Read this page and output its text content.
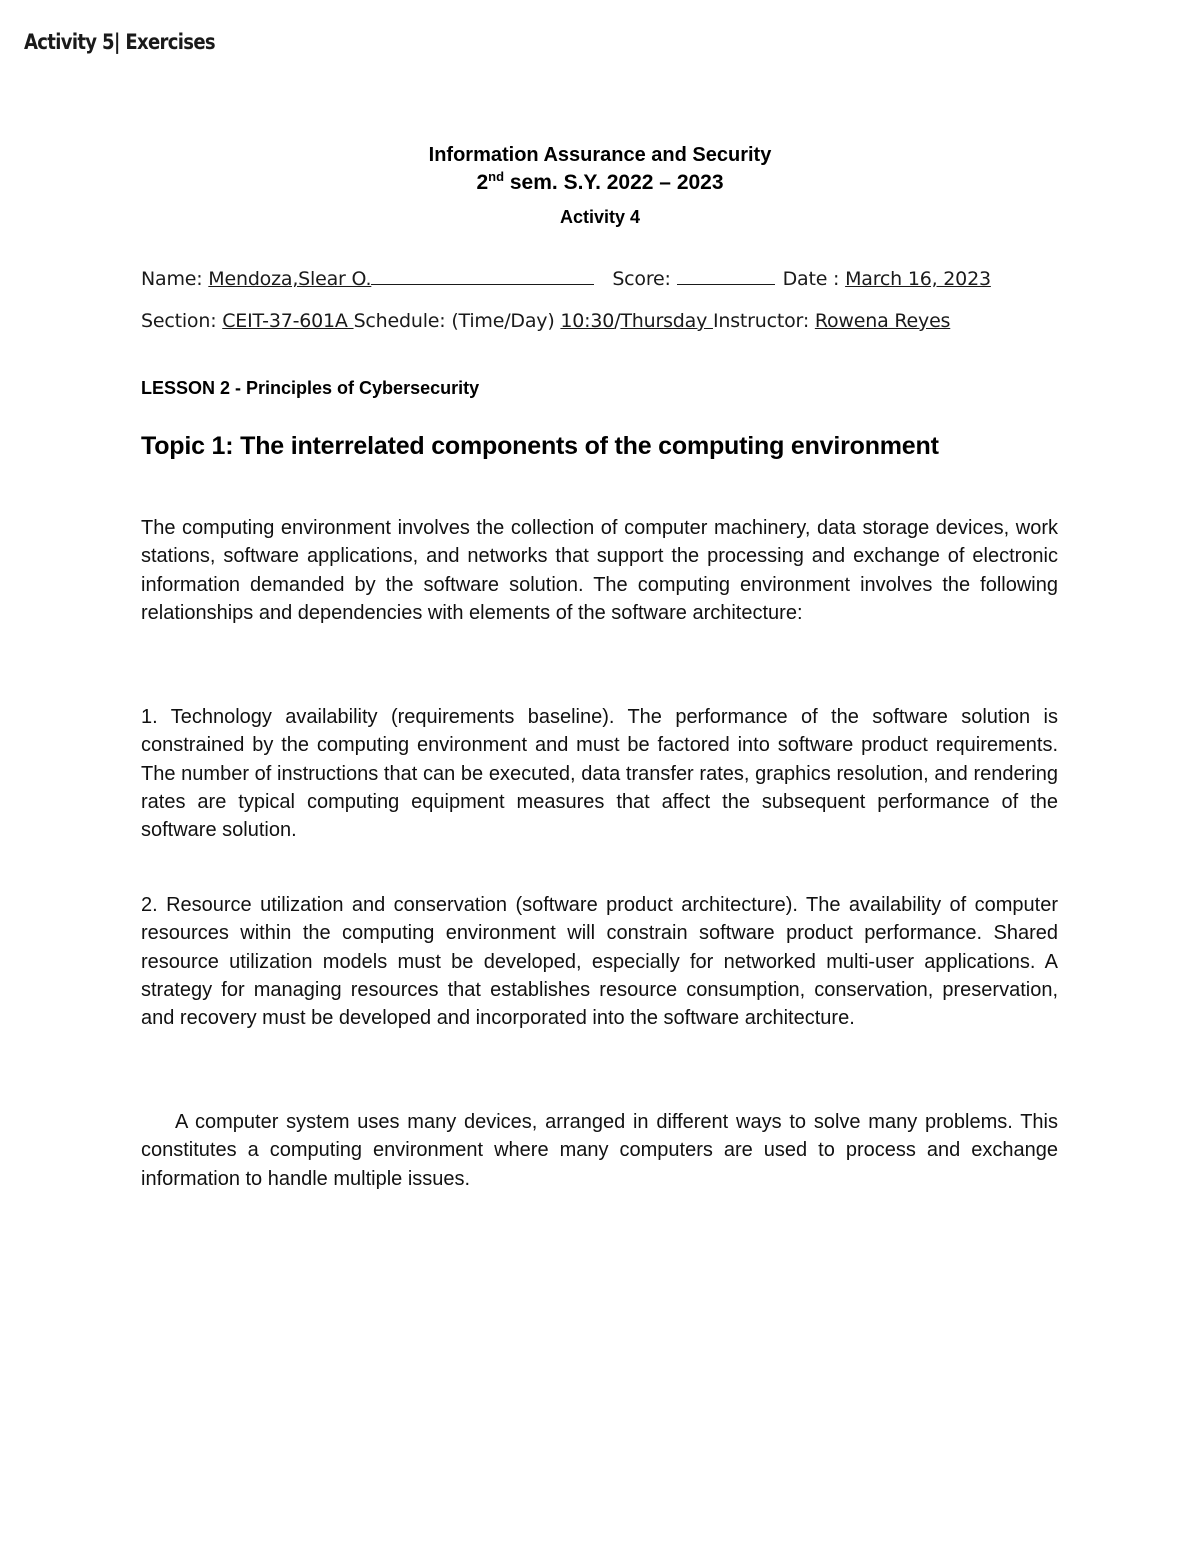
Activity 5| Exercises
Information Assurance and Security
2nd sem. S.Y. 2022 – 2023
Activity 4
Name: Mendoza,Slear O.	Score:	Date : March 16, 2023
Section: CEIT-37-601A Schedule: (Time/Day) 10:30/Thursday Instructor: Rowena Reyes
LESSON 2 - Principles of Cybersecurity
Topic 1: The interrelated components of the computing environment

The computing environment involves the collection of computer machinery, data storage devices, work stations, software applications, and networks that support the processing and exchange of electronic information demanded by the software solution. The computing environment involves the following relationships and dependencies with elements of the software architecture:

1. Technology availability (requirements baseline). The performance of the software solution is constrained by the computing environment and must be factored into software product requirements. The number of instructions that can be executed, data transfer rates, graphics resolution, and rendering rates are typical computing equipment measures that affect the subsequent performance of the software solution.

2. Resource utilization and conservation (software product architecture). The availability of computer resources within the computing environment will constrain software product performance. Shared resource utilization models must be developed, especially for networked multi-user applications. A strategy for managing resources that establishes resource consumption, conservation, preservation, and recovery must be developed and incorporated into the software architecture.

A computer system uses many devices, arranged in different ways to solve many problems. This constitutes a computing environment where many computers are used to process and exchange information to handle multiple issues.
